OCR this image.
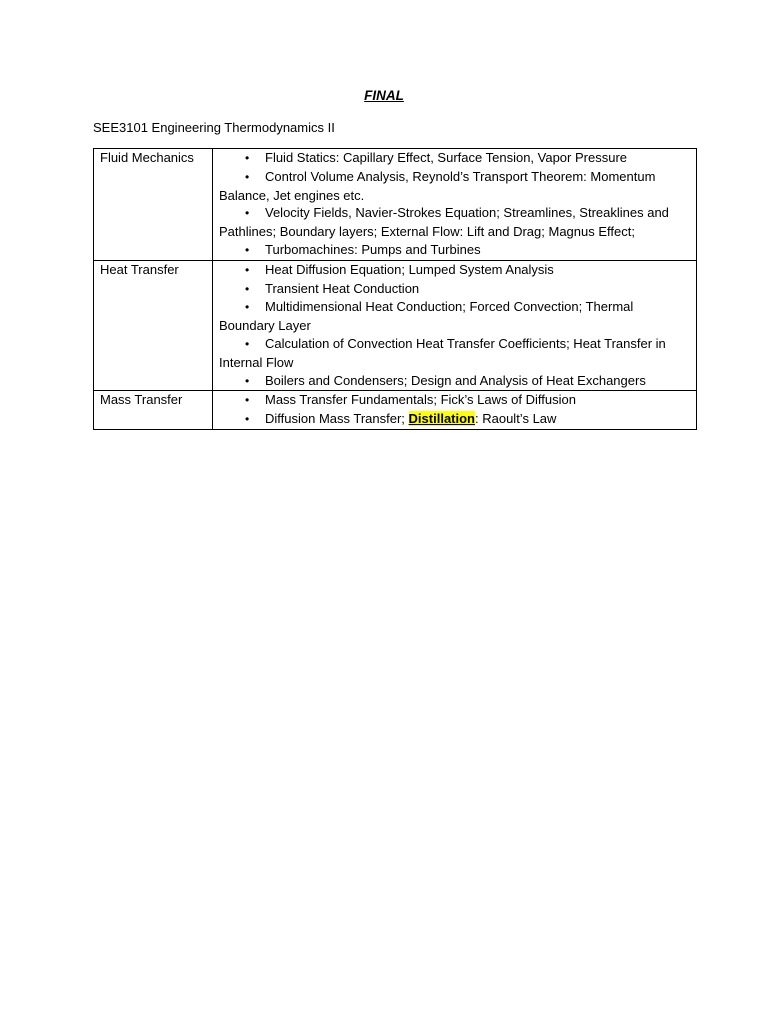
FINAL
SEE3101 Engineering Thermodynamics II
Fluid Mechanics	• Fluid Statics: Capillary Effect, Surface Tension, Vapor Pressure
• Control Volume Analysis, Reynold’s Transport Theorem: Momentum Balance, Jet engines etc.
• Velocity Fields, Navier-Strokes Equation; Streamlines, Streaklines and Pathlines; Boundary layers; External Flow: Lift and Drag; Magnus Effect;
• Turbomachines: Pumps and Turbines

Heat Transfer	• Heat Diffusion Equation; Lumped System Analysis
• Transient Heat Conduction
• Multidimensional Heat Conduction; Forced Convection; Thermal Boundary Layer
• Calculation of Convection Heat Transfer Coefficients; Heat Transfer in Internal Flow
• Boilers and Condensers; Design and Analysis of Heat Exchangers

Mass Transfer	• Mass Transfer Fundamentals; Fick’s Laws of Diffusion
• Diffusion Mass Transfer; Distillation: Raoult’s Law
